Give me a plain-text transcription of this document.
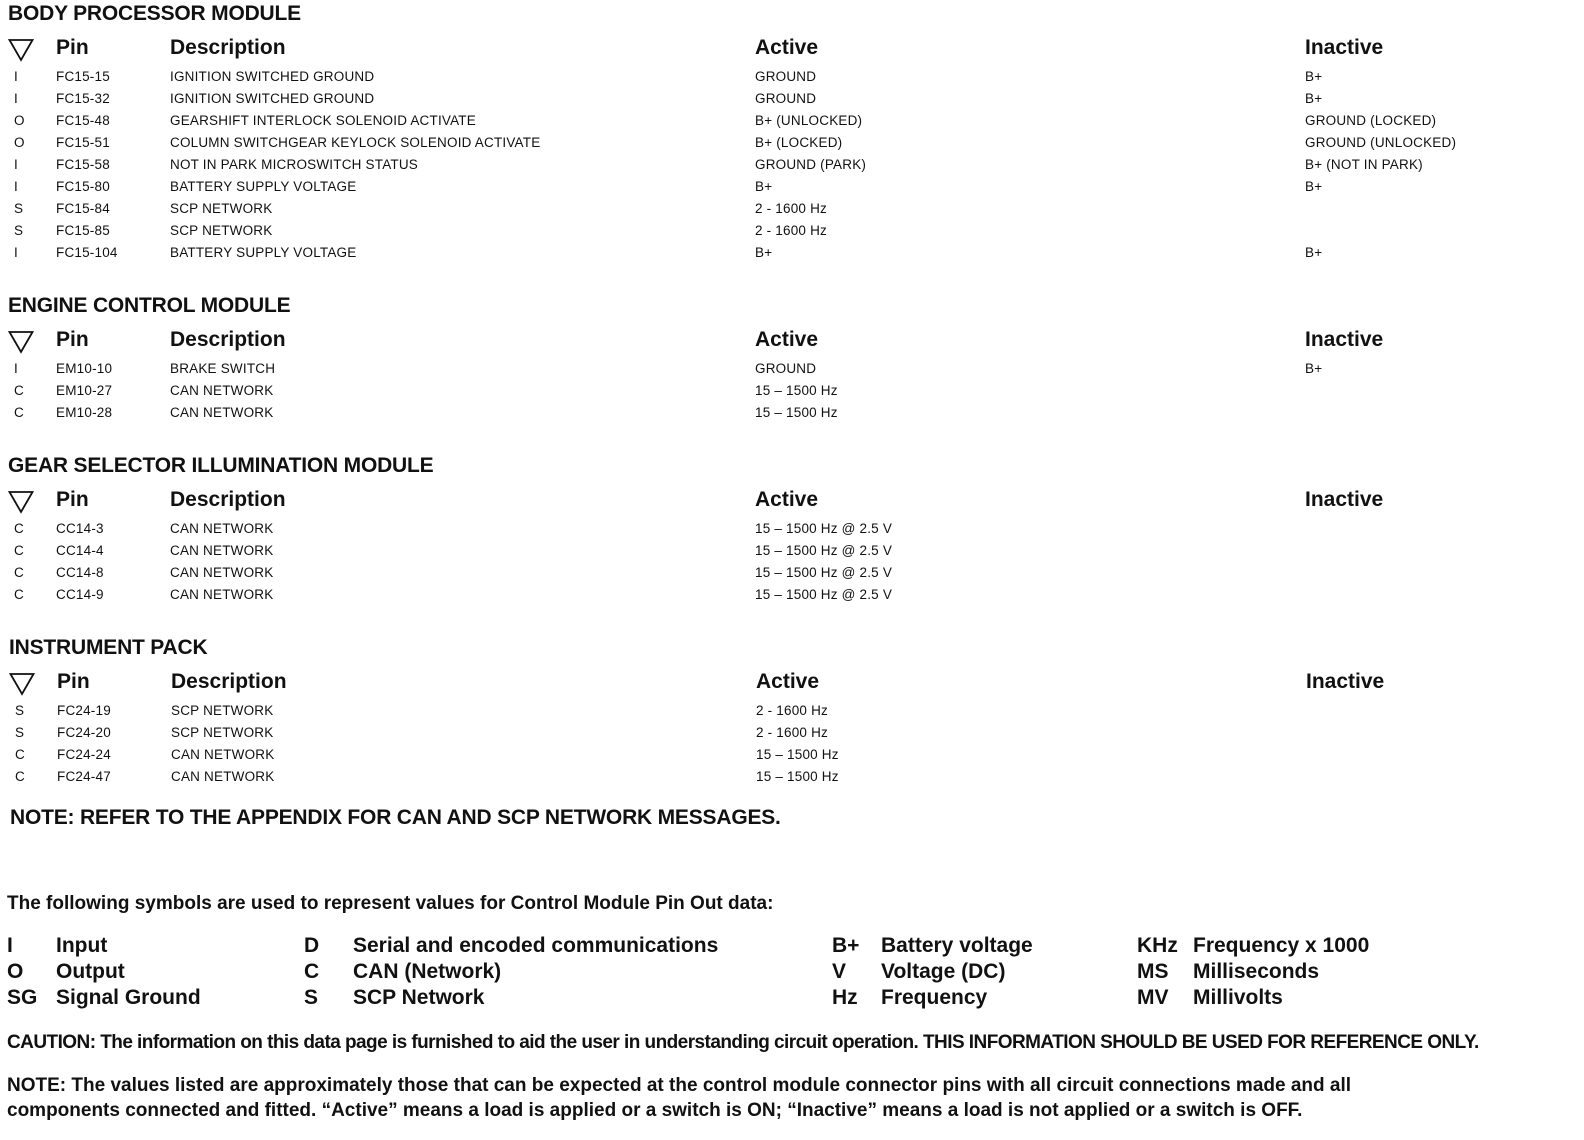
BODY PROCESSOR MODULE
Pin	Description	Active	Inactive
I	FC15-15	IGNITION SWITCHED GROUND	GROUND	B+
I	FC15-32	IGNITION SWITCHED GROUND	GROUND	B+
O	FC15-48	GEARSHIFT INTERLOCK SOLENOID ACTIVATE	B+ (UNLOCKED)	GROUND (LOCKED)
O	FC15-51	COLUMN SWITCHGEAR KEYLOCK SOLENOID ACTIVATE	B+ (LOCKED)	GROUND (UNLOCKED)
I	FC15-58	NOT IN PARK MICROSWITCH STATUS	GROUND (PARK)	B+ (NOT IN PARK)
I	FC15-80	BATTERY SUPPLY VOLTAGE	B+	B+
S	FC15-84	SCP NETWORK	2 - 1600 Hz
S	FC15-85	SCP NETWORK	2 - 1600 Hz
I	FC15-104	BATTERY SUPPLY VOLTAGE	B+	B+
ENGINE CONTROL MODULE
Pin	Description	Active	Inactive
I	EM10-10	BRAKE SWITCH	GROUND	B+
C	EM10-27	CAN NETWORK	15 – 1500 Hz
C	EM10-28	CAN NETWORK	15 – 1500 Hz
GEAR SELECTOR ILLUMINATION MODULE
Pin	Description	Active	Inactive
C	CC14-3	CAN NETWORK	15 – 1500 Hz @ 2.5 V
C	CC14-4	CAN NETWORK	15 – 1500 Hz @ 2.5 V
C	CC14-8	CAN NETWORK	15 – 1500 Hz @ 2.5 V
C	CC14-9	CAN NETWORK	15 – 1500 Hz @ 2.5 V
INSTRUMENT PACK
Pin	Description	Active	Inactive
S	FC24-19	SCP NETWORK	2 - 1600 Hz
S	FC24-20	SCP NETWORK	2 - 1600 Hz
C	FC24-24	CAN NETWORK	15 – 1500 Hz
C	FC24-47	CAN NETWORK	15 – 1500 Hz
NOTE: REFER TO THE APPENDIX FOR CAN AND SCP NETWORK MESSAGES.
The following symbols are used to represent values for Control Module Pin Out data:
I Input
O Output
SG Signal Ground
D Serial and encoded communications
C CAN (Network)
S SCP Network
B+ Battery voltage
V Voltage (DC)
Hz Frequency
KHz Frequency x 1000
MS Milliseconds
MV Millivolts
CAUTION: The information on this data page is furnished to aid the user in understanding circuit operation. THIS INFORMATION SHOULD BE USED FOR REFERENCE ONLY.
NOTE: The values listed are approximately those that can be expected at the control module connector pins with all circuit connections made and all
components connected and fitted. “Active” means a load is applied or a switch is ON; “Inactive” means a load is not applied or a switch is OFF.
